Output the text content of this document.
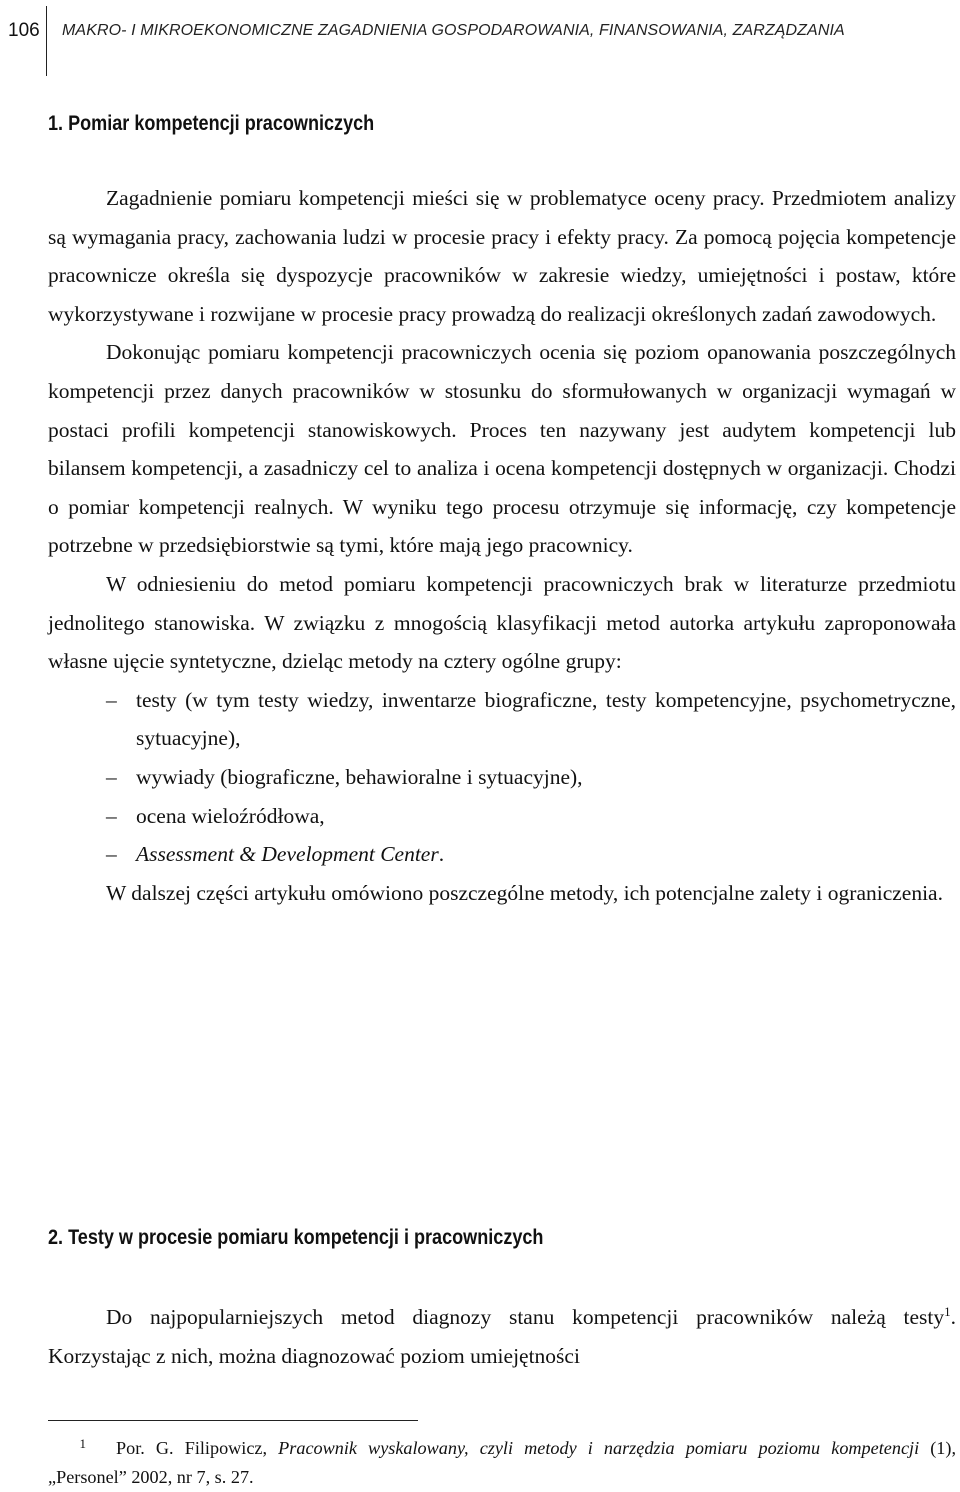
106 MAKRO- I MIKROEKONOMICZNE ZAGADNIENIA GOSPODAROWANIA, FINANSOWANIA, ZARZĄDZANIA
1. Pomiar kompetencji pracowniczych

Zagadnienie pomiaru kompetencji mieści się w problematyce oceny pracy. Przedmiotem analizy są wymagania pracy, zachowania ludzi w procesie pracy i efekty pracy. Za pomocą pojęcia kompetencje pracownicze określa się dyspozycje pracowników w zakresie wiedzy, umiejętności i postaw, które wykorzystywane i rozwijane w procesie pracy prowadzą do realizacji określonych zadań zawodowych.

Dokonując pomiaru kompetencji pracowniczych ocenia się poziom opanowania poszczególnych kompetencji przez danych pracowników w stosunku do sformułowanych w organizacji wymagań w postaci profili kompetencji stanowiskowych. Proces ten nazywany jest audytem kompetencji lub bilansem kompetencji, a zasadniczy cel to analiza i ocena kompetencji dostępnych w organizacji. Chodzi o pomiar kompetencji realnych. W wyniku tego procesu otrzymuje się informację, czy kompetencje potrzebne w przedsiębiorstwie są tymi, które mają jego pracownicy.

W odniesieniu do metod pomiaru kompetencji pracowniczych brak w literaturze przedmiotu jednolitego stanowiska. W związku z mnogością klasyfikacji metod autorka artykułu zaproponowała własne ujęcie syntetyczne, dzieląc metody na cztery ogólne grupy:

– testy (w tym testy wiedzy, inwentarze biograficzne, testy kompetencyjne, psychometryczne, sytuacyjne),
– wywiady (biograficzne, behawioralne i sytuacyjne),
– ocena wieloźródłowa,
– Assessment & Development Center.

W dalszej części artykułu omówiono poszczególne metody, ich potencjalne zalety i ograniczenia.

2. Testy w procesie pomiaru kompetencji i pracowniczych

Do najpopularniejszych metod diagnozy stanu kompetencji pracowników należą testy$^1$. Korzystając z nich, można diagnozować poziom umiejętności

1 Por. G. Filipowicz, Pracownik wyskalowany, czyli metody i narzędzia pomiaru poziomu kompetencji (1), „Personel” 2002, nr 7, s. 27.
